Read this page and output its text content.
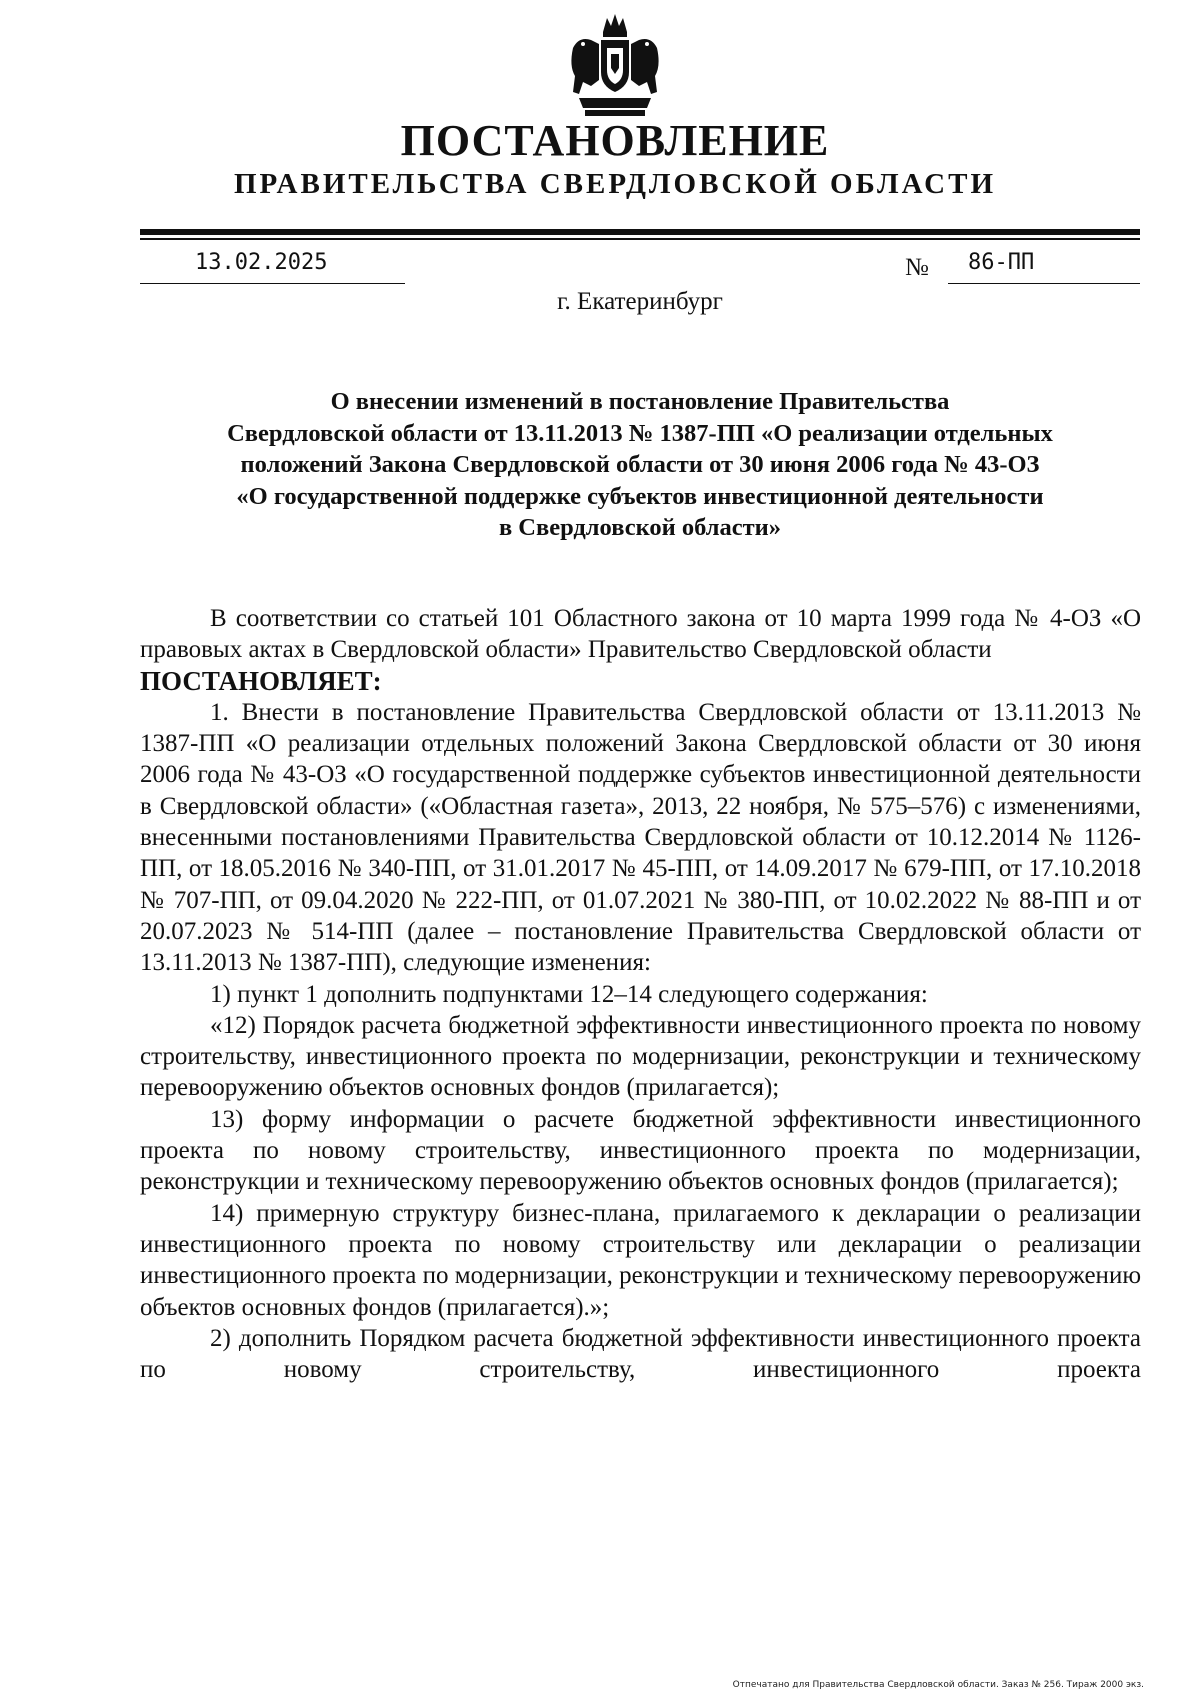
ПОСТАНОВЛЕНИЕ
ПРАВИТЕЛЬСТВА СВЕРДЛОВСКОЙ ОБЛАСТИ
13.02.2025	№ 86-ПП
г. Екатеринбург
О внесении изменений в постановление Правительства
Свердловской области от 13.11.2013 № 1387-ПП «О реализации отдельных
положений Закона Свердловской области от 30 июня 2006 года № 43-ОЗ
«О государственной поддержке субъектов инвестиционной деятельности
в Свердловской области»

В соответствии со статьей 101 Областного закона от 10 марта 1999 года № 4-ОЗ «О правовых актах в Свердловской области» Правительство Свердловской области

ПОСТАНОВЛЯЕТ:

1. Внести в постановление Правительства Свердловской области от 13.11.2013 № 1387-ПП «О реализации отдельных положений Закона Свердловской области от 30 июня 2006 года № 43-ОЗ «О государственной поддержке субъектов инвестиционной деятельности в Свердловской области» («Областная газета», 2013, 22 ноября, № 575–576) с изменениями, внесенными постановлениями Правительства Свердловской области от 10.12.2014 № 1126-ПП, от 18.05.2016 № 340-ПП, от 31.01.2017 № 45-ПП, от 14.09.2017 № 679-ПП, от 17.10.2018 № 707-ПП, от 09.04.2020 № 222-ПП, от 01.07.2021 № 380-ПП, от 10.02.2022 № 88-ПП и от 20.07.2023 № 514-ПП (далее – постановление Правительства Свердловской области от 13.11.2013 № 1387-ПП), следующие изменения:

1) пункт 1 дополнить подпунктами 12–14 следующего содержания:

«12) Порядок расчета бюджетной эффективности инвестиционного проекта по новому строительству, инвестиционного проекта по модернизации, реконструкции и техническому перевооружению объектов основных фондов (прилагается);

13) форму информации о расчете бюджетной эффективности инвестиционного проекта по новому строительству, инвестиционного проекта по модернизации, реконструкции и техническому перевооружению объектов основных фондов (прилагается);

14) примерную структуру бизнес-плана, прилагаемого к декларации о реализации инвестиционного проекта по новому строительству или декларации о реализации инвестиционного проекта по модернизации, реконструкции и техническому перевооружению объектов основных фондов (прилагается).»;

2) дополнить Порядком расчета бюджетной эффективности инвестиционного проекта по новому строительству, инвестиционного проекта

Отпечатано для Правительства Свердловской области. Заказ № 256. Тираж 2000 экз.
